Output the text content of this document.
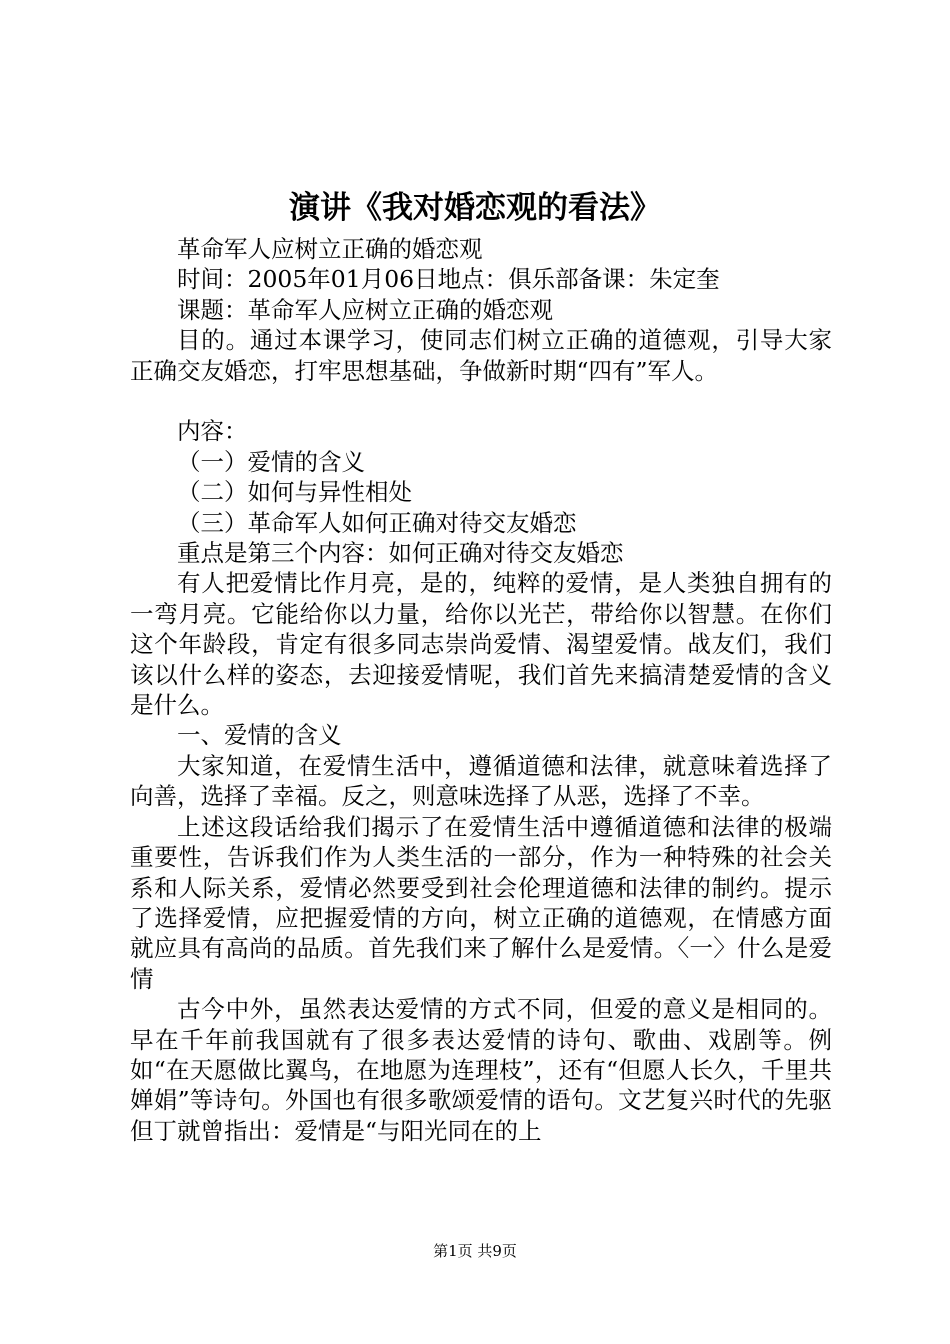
演讲《我对婚恋观的看法》

革命军人应树立正确的婚恋观

时间：2005年01月06日地点：俱乐部备课：朱定奎

课题：革命军人应树立正确的婚恋观

目的。通过本课学习，使同志们树立正确的道德观，引导大家正确交友婚恋，打牢思想基础，争做新时期“四有”军人。

内容：

（一）爱情的含义

（二）如何与异性相处

（三）革命军人如何正确对待交友婚恋

重点是第三个内容：如何正确对待交友婚恋

有人把爱情比作月亮，是的，纯粹的爱情，是人类独自拥有的一弯月亮。它能给你以力量，给你以光芒，带给你以智慧。在你们这个年龄段，肯定有很多同志崇尚爱情、渴望爱情。战友们，我们该以什么样的姿态，去迎接爱情呢，我们首先来搞清楚爱情的含义是什么。

一、爱情的含义

大家知道，在爱情生活中，遵循道德和法律，就意味着选择了向善，选择了幸福。反之，则意味选择了从恶，选择了不幸。

上述这段话给我们揭示了在爱情生活中遵循道德和法律的极端重要性，告诉我们作为人类生活的一部分，作为一种特殊的社会关系和人际关系，爱情必然要受到社会伦理道德和法律的制约。提示了选择爱情，应把握爱情的方向，树立正确的道德观，在情感方面就应具有高尚的品质。首先我们来了解什么是爱情。〈一〉什么是爱情

古今中外，虽然表达爱情的方式不同，但爱的意义是相同的。早在千年前我国就有了很多表达爱情的诗句、歌曲、戏剧等。例如“在天愿做比翼鸟，在地愿为连理枝”，还有“但愿人长久，千里共婵娟”等诗句。外国也有很多歌颂爱情的语句。文艺复兴时代的先驱但丁就曾指出：爱情是“与阳光同在的上

第1页 共9页
